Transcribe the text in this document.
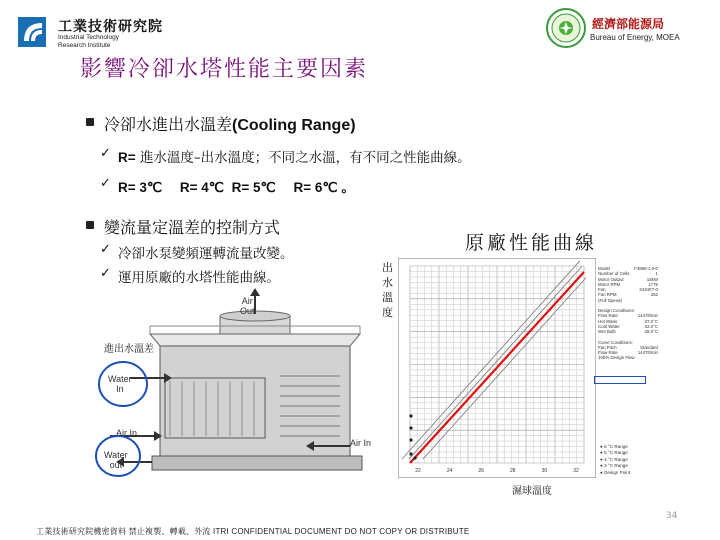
工業技術研究院
Industrial Technology
Research Institute
經濟部能源局
Bureau of Energy, MOEA
影響冷卻水塔性能主要因素
冷卻水進出水溫差(Cooling Range)
✓ R= 進水溫度–出水溫度；不同之水溫，有不同之性能曲線。
✓ R= 3℃ R= 4℃ R= 5℃ R= 6℃ 。
變流量定溫差的控制方式
✓ 冷卻水泵變頻運轉流量改變。
✓ 運用原廠的水塔性能曲線。
原廠性能曲線
Air
Out
進出水溫差
Water
In
Air In
Water
out
Air In
出水溫度
22	24	26	28	30	32
濕球溫度
Model	F4856-1.0-0
Number of Cells	1
Motor Output	15kW
Motor RPM	1775
Fan	2434F7-0
Fan RPM	252
(Full Speed)
Design Conditions:
Flow Rate	1447lt/min
Hot Water	37.0°C
Cold Water	32.0°C
Wet Bulb	28.0°C
Curve Conditions:
Fan Pitch	Standard
Flow Rate	1447lt/min
100% Design Flow
● 6 °C Range
● 5 °C Range
● 4 °C Range
● 3 °C Range
● Design Point
34
工業技術研究院機密資料 禁止複製、轉載、外流 ITRI CONFIDENTIAL DOCUMENT DO NOT COPY OR DISTRIBUTE
